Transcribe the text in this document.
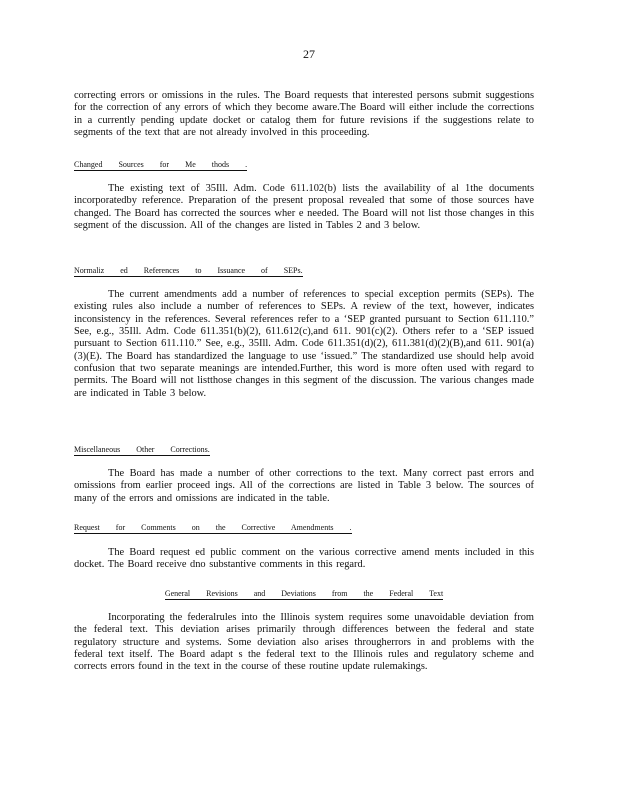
27

correcting errors or omissions in the rules. The Board requests that interested persons submit suggestions for the correction of any errors of which they become aware.The Board will either include the corrections in a currently pending update docket or catalog them for future revisions if the suggestions relate to segments of the text that are not already involved in this proceeding.

Changed Sources for Me thods .

The existing text of 35Ill. Adm. Code 611.102(b) lists the availability of al 1the documents incorporatedby reference. Preparation of the present proposal revealed that some of those sources have changed. The Board has corrected the sources wher e needed. The Board will not list those changes in this segment of the discussion. All of the changes are listed in Tables 2 and 3 below.

Normaliz ed References to Issuance of SEPs.

The current amendments add a number of references to special exception permits (SEPs). The existing rules also include a number of references to SEPs. A review of the text, however, indicates inconsistency in the references. Several references refer to a ‘SEP granted pursuant to Section 611.110.” See, e.g., 35Ill. Adm. Code 611.351(b)(2), 611.612(c),and 611. 901(c)(2). Others refer to a ‘SEP issued pursuant to Section 611.110.” See, e.g., 35Ill. Adm. Code 611.351(d)(2), 611.381(d)(2)(B),and 611. 901(a)(3)(E). The Board has standardized the language to use ‘issued.” The standardized use should help avoid confusion that two separate meanings are intended.Further, this word is more often used with regard to permits. The Board will not listthose changes in this segment of the discussion. The various changes made are indicated in Table 3 below.

Miscellaneous Other Corrections.

The Board has made a number of other corrections to the text. Many correct past errors and omissions from earlier proceed ings. All of the corrections are listed in Table 3 below. The sources of many of the errors and omissions are indicated in the table.

Request for Comments on the Corrective Amendments .

The Board request ed public comment on the various corrective amend ments included in this docket. The Board receive dno substantive comments in this regard.

General Revisions and Deviations from the Federal Text

Incorporating the federalrules into the Illinois system requires some unavoidable deviation from the federal text. This deviation arises primarily through differences between the federal and state regulatory structure and systems. Some deviation also arises througherrors in and problems with the federal text itself. The Board adapt s the federal text to the Illinois rules and regulatory scheme and corrects errors found in the text in the course of these routine update rulemakings.
